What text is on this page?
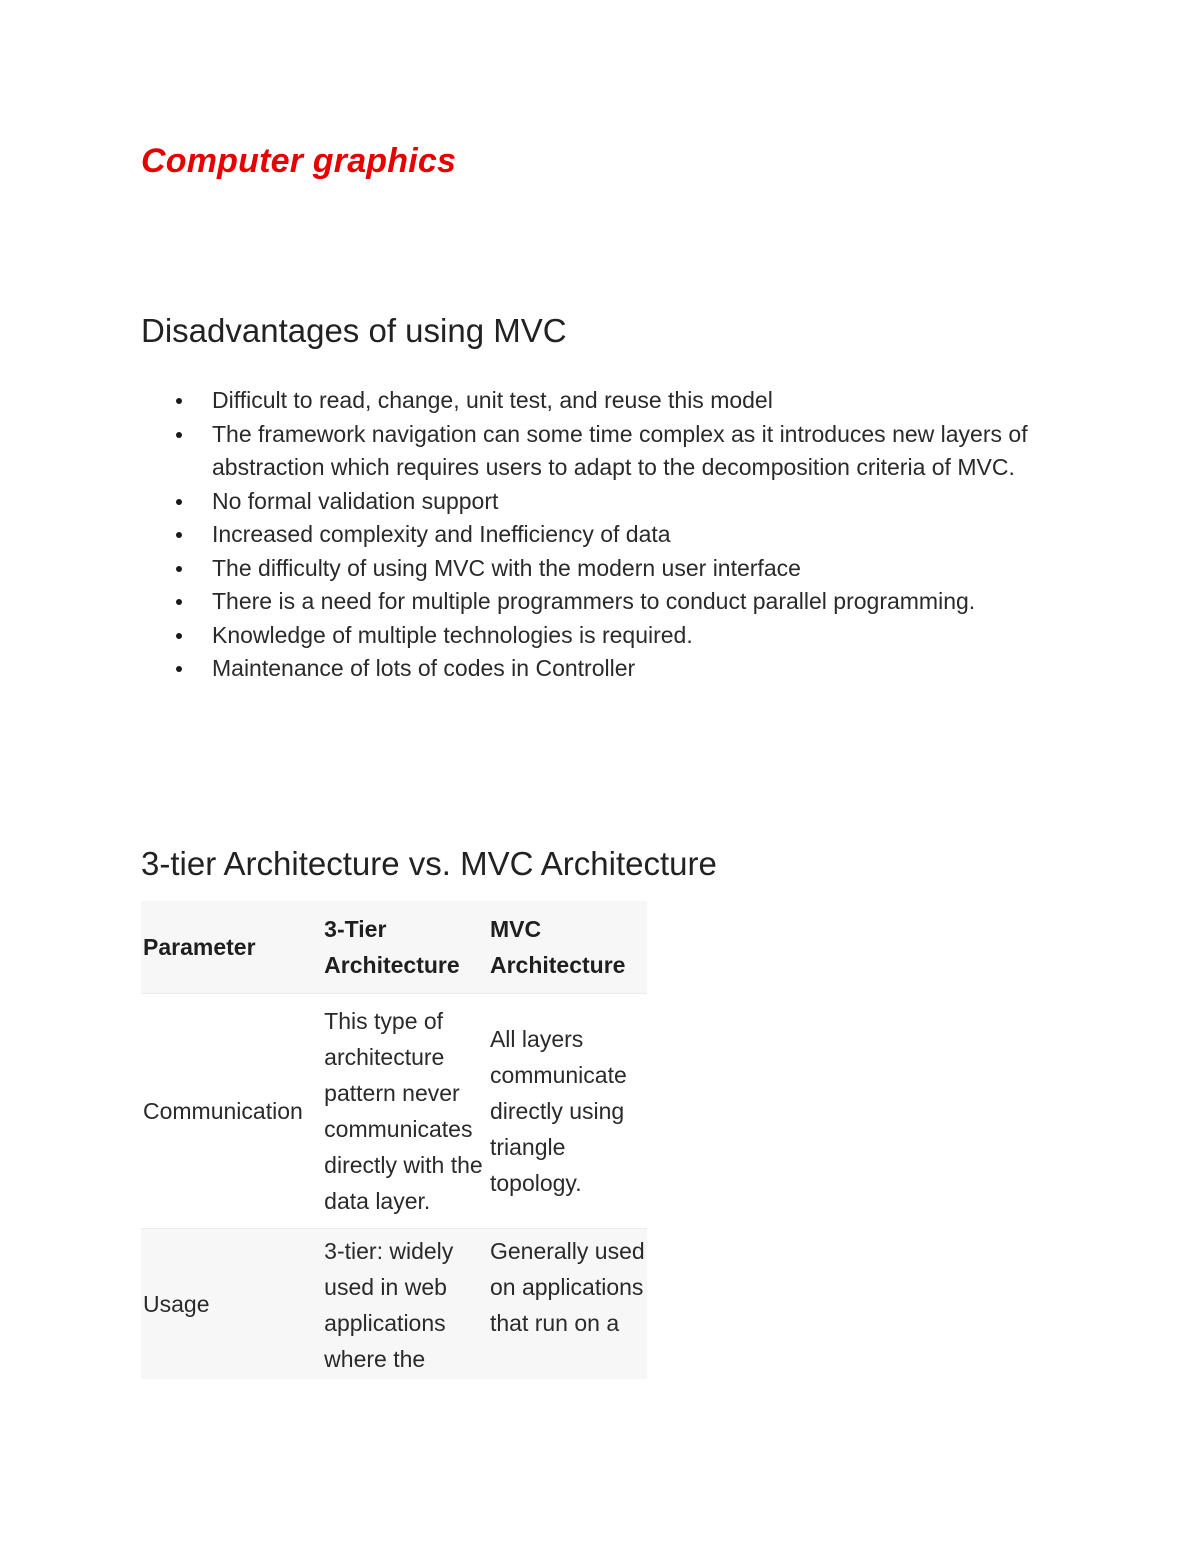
Computer graphics
Disadvantages of using MVC
Difficult to read, change, unit test, and reuse this model
The framework navigation can some time complex as it introduces new layers of abstraction which requires users to adapt to the decomposition criteria of MVC.
No formal validation support
Increased complexity and Inefficiency of data
The difficulty of using MVC with the modern user interface
There is a need for multiple programmers to conduct parallel programming.
Knowledge of multiple technologies is required.
Maintenance of lots of codes in Controller
3-tier Architecture vs. MVC Architecture
Parameter	3-Tier Architecture	MVC Architecture
Communication	This type of architecture pattern never communicates directly with the data layer.	All layers communicate directly using triangle topology.
Usage	3-tier: widely used in web applications where the	Generally used on applications that run on a
